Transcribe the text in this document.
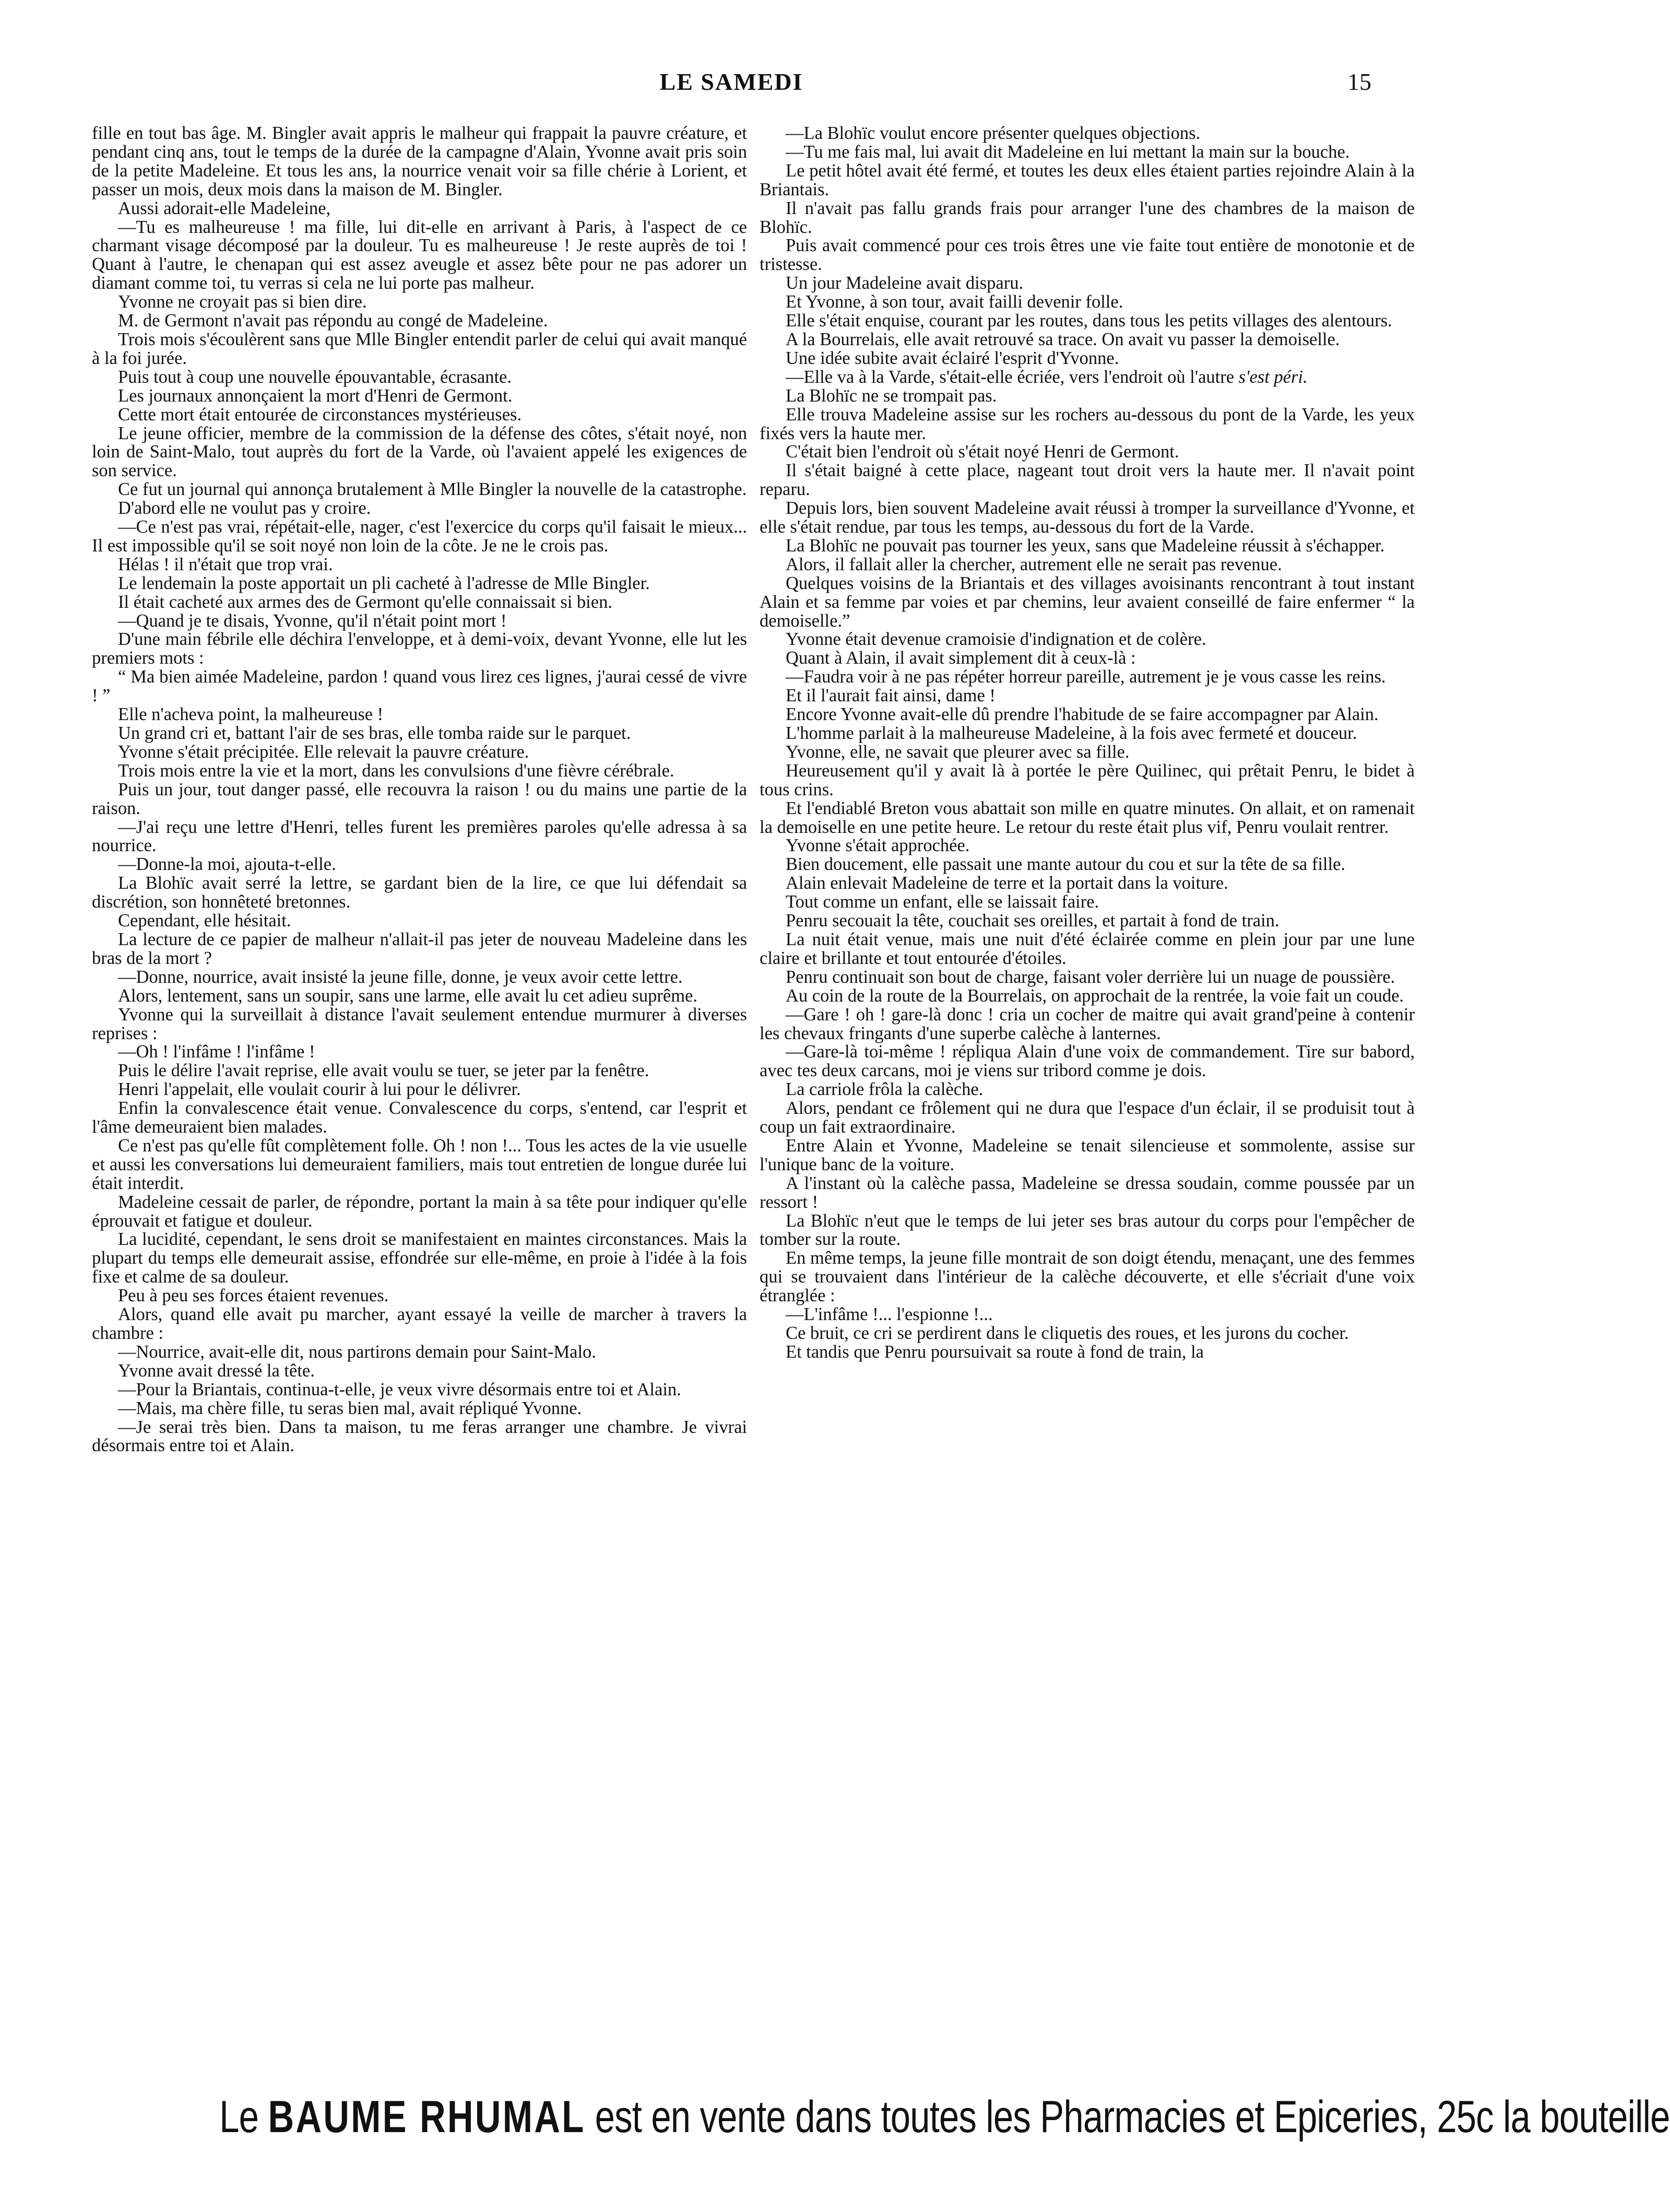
LE SAMEDI	15

fille en tout bas âge. M. Bingler avait appris le malheur qui frappait la pauvre créature, et pendant cinq ans, tout le temps de la durée de la campagne d'Alain, Yvonne avait pris soin de la petite Madeleine. Et tous les ans, la nourrice venait voir sa fille chérie à Lorient, et passer un mois, deux mois dans la maison de M. Bingler.

Aussi adorait-elle Madeleine,

—Tu es malheureuse ! ma fille, lui dit-elle en arrivant à Paris, à l'aspect de ce charmant visage décomposé par la douleur. Tu es malheureuse ! Je reste auprès de toi ! Quant à l'autre, le chenapan qui est assez aveugle et assez bête pour ne pas adorer un diamant comme toi, tu verras si cela ne lui porte pas malheur.

Yvonne ne croyait pas si bien dire.

M. de Germont n'avait pas répondu au congé de Madeleine.

Trois mois s'écoulèrent sans que Mlle Bingler entendit parler de celui qui avait manqué à la foi jurée.

Puis tout à coup une nouvelle épouvantable, écrasante.

Les journaux annonçaient la mort d'Henri de Germont.

Cette mort était entourée de circonstances mystérieuses.

Le jeune officier, membre de la commission de la défense des côtes, s'était noyé, non loin de Saint-Malo, tout auprès du fort de la Varde, où l'avaient appelé les exigences de son service.

Ce fut un journal qui annonça brutalement à Mlle Bingler la nouvelle de la catastrophe.

D'abord elle ne voulut pas y croire.

—Ce n'est pas vrai, répétait-elle, nager, c'est l'exercice du corps qu'il faisait le mieux... Il est impossible qu'il se soit noyé non loin de la côte. Je ne le crois pas.

Hélas ! il n'était que trop vrai.

Le lendemain la poste apportait un pli cacheté à l'adresse de Mlle Bingler.

Il était cacheté aux armes des de Germont qu'elle connaissait si bien.

—Quand je te disais, Yvonne, qu'il n'était point mort !

D'une main fébrile elle déchira l'enveloppe, et à demi-voix, devant Yvonne, elle lut les premiers mots :

“ Ma bien aimée Madeleine, pardon ! quand vous lirez ces lignes, j'aurai cessé de vivre ! ”

Elle n'acheva point, la malheureuse !

Un grand cri et, battant l'air de ses bras, elle tomba raide sur le parquet.

Yvonne s'était précipitée. Elle relevait la pauvre créature.

Trois mois entre la vie et la mort, dans les convulsions d'une fièvre cérébrale.

Puis un jour, tout danger passé, elle recouvra la raison ! ou du mains une partie de la raison.

—J'ai reçu une lettre d'Henri, telles furent les premières paroles qu'elle adressa à sa nourrice.

—Donne-la moi, ajouta-t-elle.

La Blohïc avait serré la lettre, se gardant bien de la lire, ce que lui défendait sa discrétion, son honnêteté bretonnes.

Cependant, elle hésitait.

La lecture de ce papier de malheur n'allait-il pas jeter de nouveau Madeleine dans les bras de la mort ?

—Donne, nourrice, avait insisté la jeune fille, donne, je veux avoir cette lettre.

Alors, lentement, sans un soupir, sans une larme, elle avait lu cet adieu suprême.

Yvonne qui la surveillait à distance l'avait seulement entendue murmurer à diverses reprises :

—Oh ! l'infâme ! l'infâme !

Puis le délire l'avait reprise, elle avait voulu se tuer, se jeter par la fenêtre.

Henri l'appelait, elle voulait courir à lui pour le délivrer.

Enfin la convalescence était venue. Convalescence du corps, s'entend, car l'esprit et l'âme demeuraient bien malades.

Ce n'est pas qu'elle fût complètement folle. Oh ! non !... Tous les actes de la vie usuelle et aussi les conversations lui demeuraient familiers, mais tout entretien de longue durée lui était interdit.

Madeleine cessait de parler, de répondre, portant la main à sa tête pour indiquer qu'elle éprouvait et fatigue et douleur.

La lucidité, cependant, le sens droit se manifestaient en maintes circonstances. Mais la plupart du temps elle demeurait assise, effondrée sur elle-même, en proie à l'idée à la fois fixe et calme de sa douleur.

Peu à peu ses forces étaient revenues.

Alors, quand elle avait pu marcher, ayant essayé la veille de marcher à travers la chambre :

—Nourrice, avait-elle dit, nous partirons demain pour Saint-Malo.

Yvonne avait dressé la tête.

—Pour la Briantais, continua-t-elle, je veux vivre désormais entre toi et Alain.

—Mais, ma chère fille, tu seras bien mal, avait répliqué Yvonne.

—Je serai très bien. Dans ta maison, tu me feras arranger une chambre. Je vivrai désormais entre toi et Alain.

—La Blohïc voulut encore présenter quelques objections.

—Tu me fais mal, lui avait dit Madeleine en lui mettant la main sur la bouche.

Le petit hôtel avait été fermé, et toutes les deux elles étaient parties rejoindre Alain à la Briantais.

Il n'avait pas fallu grands frais pour arranger l'une des chambres de la maison de Blohïc.

Puis avait commencé pour ces trois êtres une vie faite tout entière de monotonie et de tristesse.

Un jour Madeleine avait disparu.

Et Yvonne, à son tour, avait failli devenir folle.

Elle s'était enquise, courant par les routes, dans tous les petits villages des alentours.

A la Bourrelais, elle avait retrouvé sa trace. On avait vu passer la demoiselle.

Une idée subite avait éclairé l'esprit d'Yvonne.

—Elle va à la Varde, s'était-elle écriée, vers l'endroit où l'autre s'est péri.

La Blohïc ne se trompait pas.

Elle trouva Madeleine assise sur les rochers au-dessous du pont de la Varde, les yeux fixés vers la haute mer.

C'était bien l'endroit où s'était noyé Henri de Germont.

Il s'était baigné à cette place, nageant tout droit vers la haute mer. Il n'avait point reparu.

Depuis lors, bien souvent Madeleine avait réussi à tromper la surveillance d'Yvonne, et elle s'était rendue, par tous les temps, au-dessous du fort de la Varde.

La Blohïc ne pouvait pas tourner les yeux, sans que Madeleine réussit à s'échapper.

Alors, il fallait aller la chercher, autrement elle ne serait pas revenue.

Quelques voisins de la Briantais et des villages avoisinants rencontrant à tout instant Alain et sa femme par voies et par chemins, leur avaient conseillé de faire enfermer “ la demoiselle.”

Yvonne était devenue cramoisie d'indignation et de colère.

Quant à Alain, il avait simplement dit à ceux-là :

—Faudra voir à ne pas répéter horreur pareille, autrement je je vous casse les reins.

Et il l'aurait fait ainsi, dame !

Encore Yvonne avait-elle dû prendre l'habitude de se faire accompagner par Alain.

L'homme parlait à la malheureuse Madeleine, à la fois avec fermeté et douceur.

Yvonne, elle, ne savait que pleurer avec sa fille.

Heureusement qu'il y avait là à portée le père Quilinec, qui prêtait Penru, le bidet à tous crins.

Et l'endiablé Breton vous abattait son mille en quatre minutes. On allait, et on ramenait la demoiselle en une petite heure. Le retour du reste était plus vif, Penru voulait rentrer.

Yvonne s'était approchée.

Bien doucement, elle passait une mante autour du cou et sur la tête de sa fille.

Alain enlevait Madeleine de terre et la portait dans la voiture.

Tout comme un enfant, elle se laissait faire.

Penru secouait la tête, couchait ses oreilles, et partait à fond de train.

La nuit était venue, mais une nuit d'été éclairée comme en plein jour par une lune claire et brillante et tout entourée d'étoiles.

Penru continuait son bout de charge, faisant voler derrière lui un nuage de poussière.

Au coin de la route de la Bourrelais, on approchait de la rentrée, la voie fait un coude.

—Gare ! oh ! gare-là donc ! cria un cocher de maitre qui avait grand'peine à contenir les chevaux fringants d'une superbe calèche à lanternes.

—Gare-là toi-même ! répliqua Alain d'une voix de commandement. Tire sur babord, avec tes deux carcans, moi je viens sur tribord comme je dois.

La carriole frôla la calèche.

Alors, pendant ce frôlement qui ne dura que l'espace d'un éclair, il se produisit tout à coup un fait extraordinaire.

Entre Alain et Yvonne, Madeleine se tenait silencieuse et sommolente, assise sur l'unique banc de la voiture.

A l'instant où la calèche passa, Madeleine se dressa soudain, comme poussée par un ressort !

La Blohïc n'eut que le temps de lui jeter ses bras autour du corps pour l'empêcher de tomber sur la route.

En même temps, la jeune fille montrait de son doigt étendu, menaçant, une des femmes qui se trouvaient dans l'intérieur de la calèche découverte, et elle s'écriait d'une voix étranglée :

—L'infâme !... l'espionne !...

Ce bruit, ce cri se perdirent dans le cliquetis des roues, et les jurons du cocher.

Et tandis que Penru poursuivait sa route à fond de train, la

Le BAUME RHUMAL est en vente dans toutes les Pharmacies et Epiceries, 25c la bouteille
